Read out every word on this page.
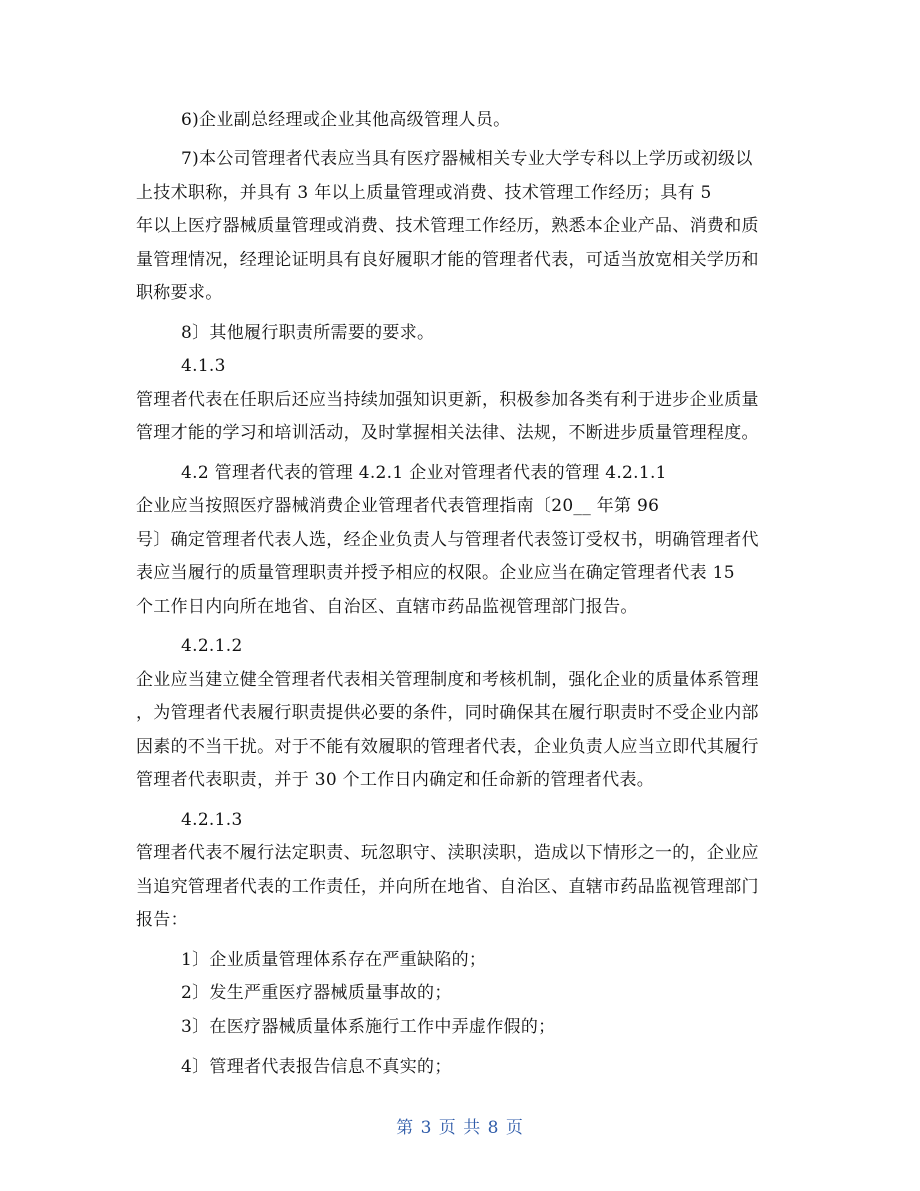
6)企业副总经理或企业其他高级管理人员。
7)本公司管理者代表应当具有医疗器械相关专业大学专科以上学历或初级以
上技术职称，并具有 3 年以上质量管理或消费、技术管理工作经历；具有 5
年以上医疗器械质量管理或消费、技术管理工作经历，熟悉本企业产品、消费和质
量管理情况，经理论证明具有良好履职才能的管理者代表，可适当放宽相关学历和
职称要求。
8〕其他履行职责所需要的要求。
4.1.3
管理者代表在任职后还应当持续加强知识更新，积极参加各类有利于进步企业质量
管理才能的学习和培训活动，及时掌握相关法律、法规，不断进步质量管理程度。
4.2 管理者代表的管理 4.2.1 企业对管理者代表的管理 4.2.1.1
企业应当按照医疗器械消费企业管理者代表管理指南〔20__ 年第 96
号〕确定管理者代表人选，经企业负责人与管理者代表签订受权书，明确管理者代
表应当履行的质量管理职责并授予相应的权限。企业应当在确定管理者代表 15
个工作日内向所在地省、自治区、直辖市药品监视管理部门报告。
4.2.1.2
企业应当建立健全管理者代表相关管理制度和考核机制，强化企业的质量体系管理
，为管理者代表履行职责提供必要的条件，同时确保其在履行职责时不受企业内部
因素的不当干扰。对于不能有效履职的管理者代表，企业负责人应当立即代其履行
管理者代表职责，并于 30 个工作日内确定和任命新的管理者代表。
4.2.1.3
管理者代表不履行法定职责、玩忽职守、渎职渎职，造成以下情形之一的，企业应
当追究管理者代表的工作责任，并向所在地省、自治区、直辖市药品监视管理部门
报告：
1〕企业质量管理体系存在严重缺陷的；
2〕发生严重医疗器械质量事故的；
3〕在医疗器械质量体系施行工作中弄虚作假的；
4〕管理者代表报告信息不真实的；
第 3 页 共 8 页
